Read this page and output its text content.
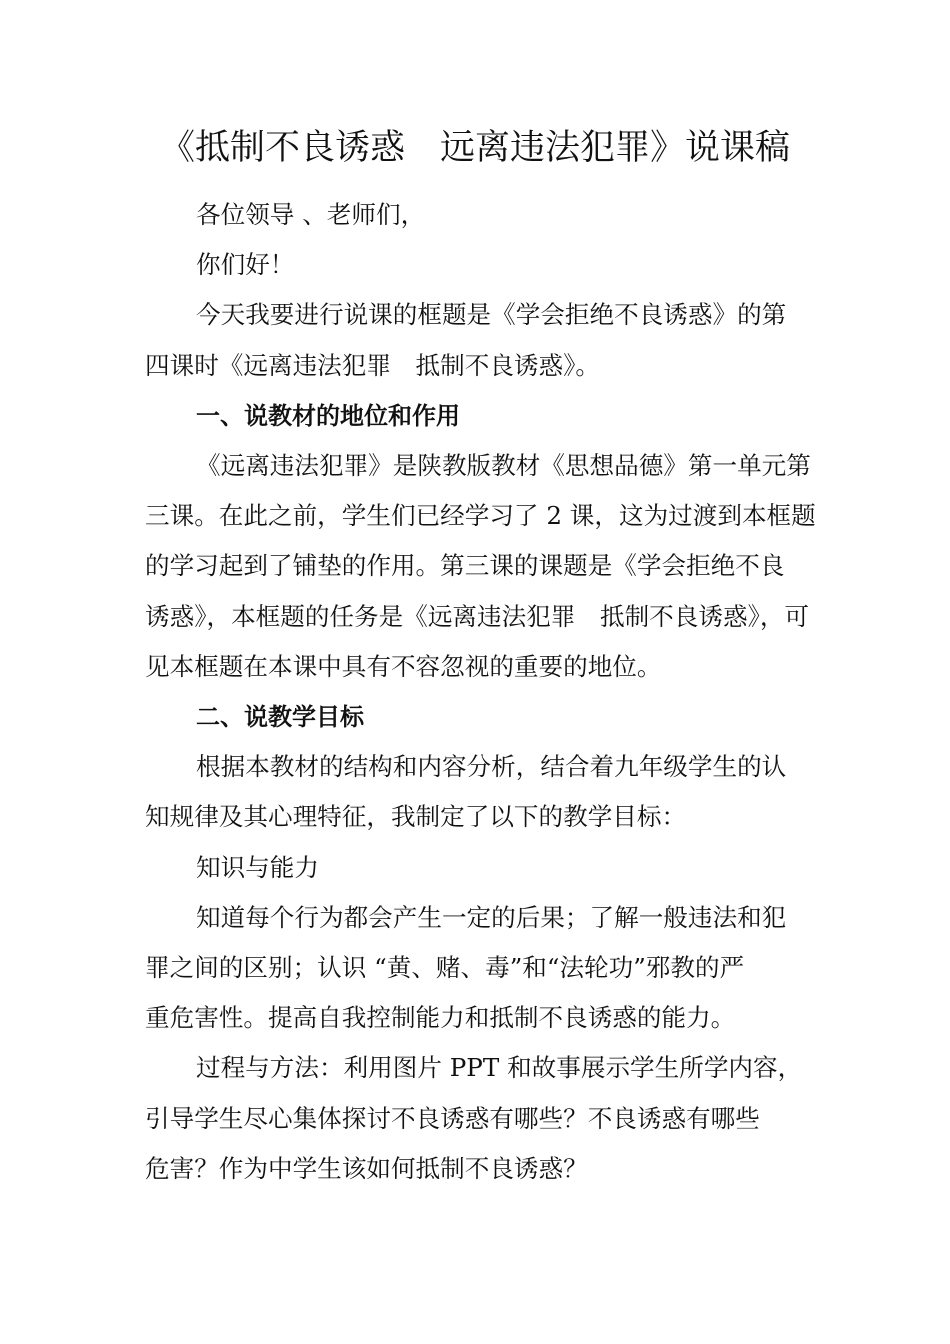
《抵制不良诱惑　远离违法犯罪》说课稿

各位领导 、老师们，

你们好！

今天我要进行说课的框题是《学会拒绝不良诱惑》的第

四课时《远离违法犯罪　抵制不良诱惑》。

一、说教材的地位和作用

《远离违法犯罪》是陕教版教材《思想品德》第一单元第

三课。在此之前，学生们已经学习了 2 课，这为过渡到本框题

的学习起到了铺垫的作用。第三课的课题是《学会拒绝不良

诱惑》，本框题的任务是《远离违法犯罪　抵制不良诱惑》，可

见本框题在本课中具有不容忽视的重要的地位。

二、说教学目标

根据本教材的结构和内容分析，结合着九年级学生的认

知规律及其心理特征，我制定了以下的教学目标：

知识与能力

知道每个行为都会产生一定的后果；了解一般违法和犯

罪之间的区别；认识 “黄、赌、毒”和“法轮功”邪教的严

重危害性。提高自我控制能力和抵制不良诱惑的能力。

过程与方法：利用图片 PPT 和故事展示学生所学内容，

引导学生尽心集体探讨不良诱惑有哪些？不良诱惑有哪些

危害？作为中学生该如何抵制不良诱惑？
